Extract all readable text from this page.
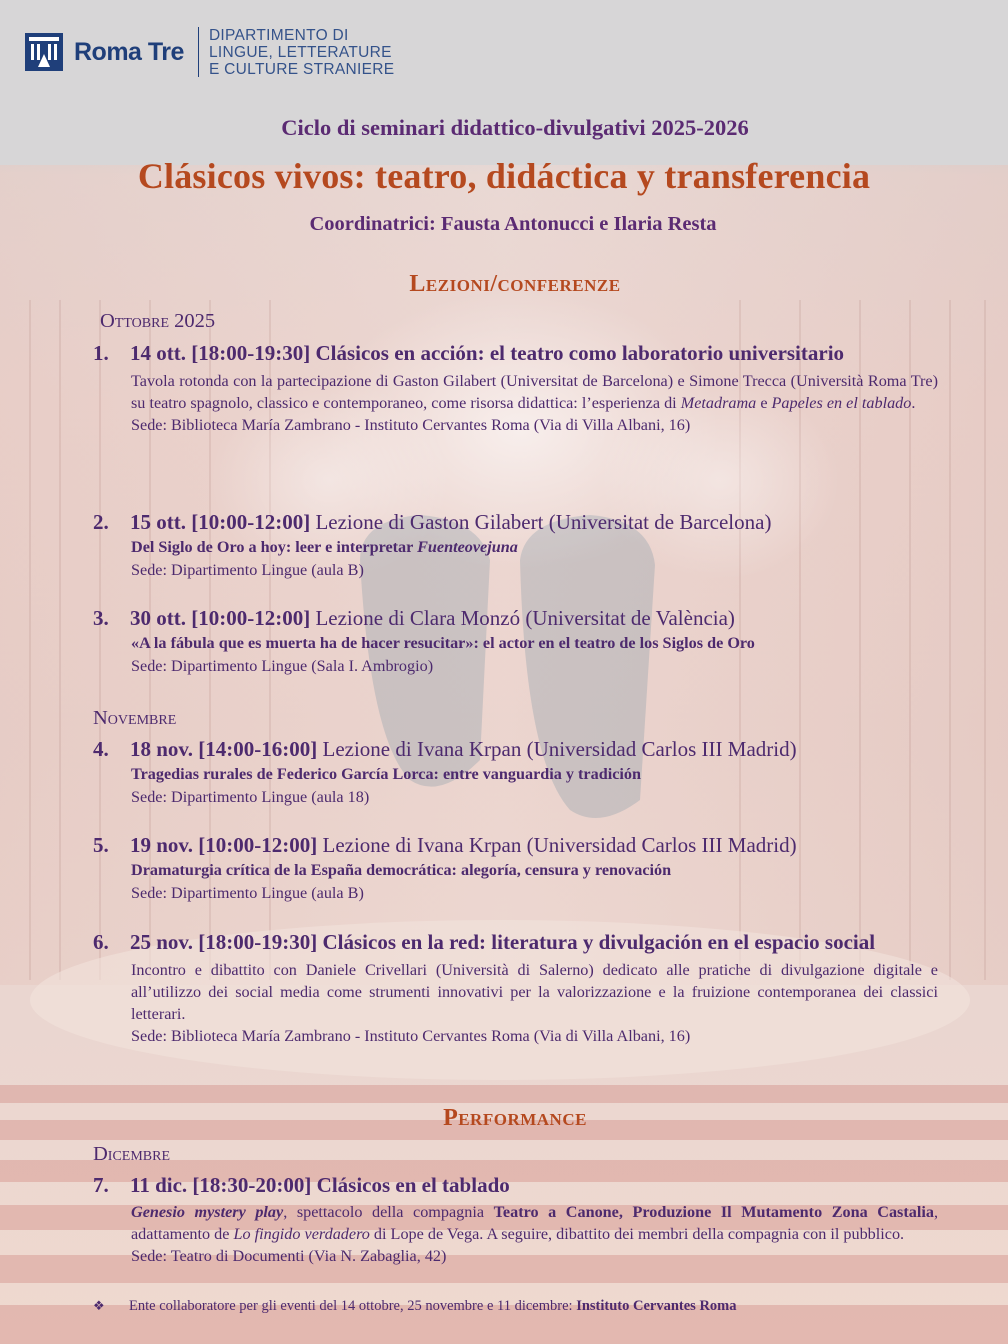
Roma Tre
DIPARTIMENTO DI
LINGUE, LETTERATURE
E CULTURE STRANIERE
Ciclo di seminari didattico-divulgativi 2025-2026
Clásicos vivos: teatro, didáctica y transferencia
Coordinatrici: Fausta Antonucci e Ilaria Resta
Lezioni/conferenze
Ottobre 2025
1. 14 ott. [18:00-19:30] Clásicos en acción: el teatro como laboratorio universitario
Tavola rotonda con la partecipazione di Gaston Gilabert (Universitat de Barcelona) e Simone Trecca (Università Roma Tre) su teatro spagnolo, classico e contemporaneo, come risorsa didattica: l’esperienza di Metadrama e Papeles en el tablado.
Sede: Biblioteca María Zambrano - Instituto Cervantes Roma (Via di Villa Albani, 16)
2. 15 ott. [10:00-12:00] Lezione di Gaston Gilabert (Universitat de Barcelona)
Del Siglo de Oro a hoy: leer e interpretar Fuenteovejuna
Sede: Dipartimento Lingue (aula B)
3. 30 ott. [10:00-12:00] Lezione di Clara Monzó (Universitat de València)
«A la fábula que es muerta ha de hacer resucitar»: el actor en el teatro de los Siglos de Oro
Sede: Dipartimento Lingue (Sala I. Ambrogio)
Novembre
4. 18 nov. [14:00-16:00] Lezione di Ivana Krpan (Universidad Carlos III Madrid)
Tragedias rurales de Federico García Lorca: entre vanguardia y tradición
Sede: Dipartimento Lingue (aula 18)
5. 19 nov. [10:00-12:00] Lezione di Ivana Krpan (Universidad Carlos III Madrid)
Dramaturgia crítica de la España democrática: alegoría, censura y renovación
Sede: Dipartimento Lingue (aula B)
6. 25 nov. [18:00-19:30] Clásicos en la red: literatura y divulgación en el espacio social
Incontro e dibattito con Daniele Crivellari (Università di Salerno) dedicato alle pratiche di divulgazione digitale e all’utilizzo dei social media come strumenti innovativi per la valorizzazione e la fruizione contemporanea dei classici letterari.
Sede: Biblioteca María Zambrano - Instituto Cervantes Roma (Via di Villa Albani, 16)
Performance
Dicembre
7. 11 dic. [18:30-20:00] Clásicos en el tablado
Genesio mystery play, spettacolo della compagnia Teatro a Canone, Produzione Il Mutamento Zona Castalia, adattamento de Lo fingido verdadero di Lope de Vega. A seguire, dibattito dei membri della compagnia con il pubblico.
Sede: Teatro di Documenti (Via N. Zabaglia, 42)
❖ Ente collaboratore per gli eventi del 14 ottobre, 25 novembre e 11 dicembre: Instituto Cervantes Roma
